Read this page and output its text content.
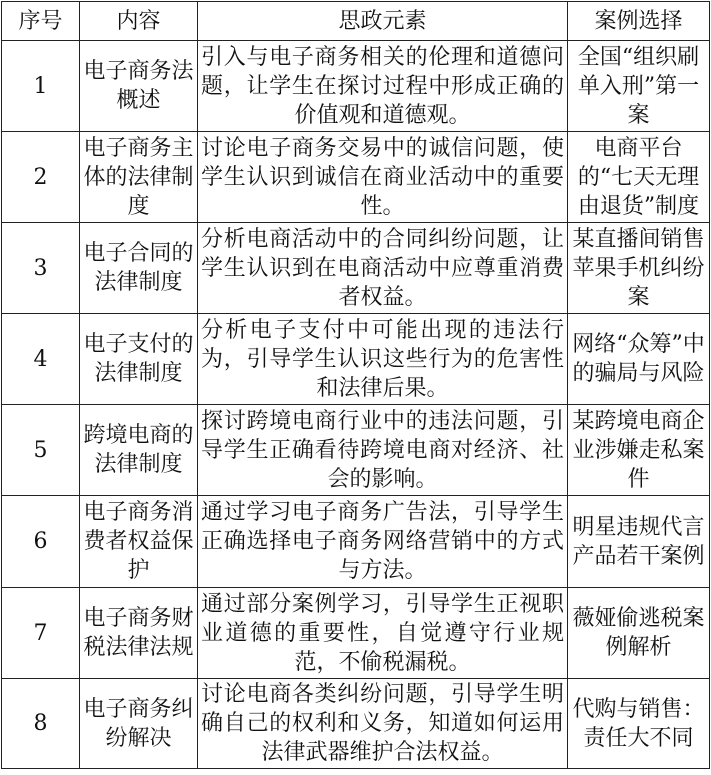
序号	内容	思政元素	案例选择
1	电子商务法概述	引入与电子商务相关的伦理和道德问题，让学生在探讨过程中形成正确的价值观和道德观。	全国“组织刷单入刑”第一案
2	电子商务主体的法律制度	讨论电子商务交易中的诚信问题，使学生认识到诚信在商业活动中的重要性。	电商平台的“七天无理由退货”制度
3	电子合同的法律制度	分析电商活动中的合同纠纷问题，让学生认识到在电商活动中应尊重消费者权益。	某直播间销售苹果手机纠纷案
4	电子支付的法律制度	分析电子支付中可能出现的违法行为，引导学生认识这些行为的危害性和法律后果。	网络“众筹”中的骗局与风险
5	跨境电商的法律制度	探讨跨境电商行业中的违法问题，引导学生正确看待跨境电商对经济、社会的影响。	某跨境电商企业涉嫌走私案件
6	电子商务消费者权益保护	通过学习电子商务广告法，引导学生正确选择电子商务网络营销中的方式与方法。	明星违规代言产品若干案例
7	电子商务财税法律法规	通过部分案例学习，引导学生正视职业道德的重要性，自觉遵守行业规范，不偷税漏税。	薇娅偷逃税案例解析
8	电子商务纠纷解决	讨论电商各类纠纷问题，引导学生明确自己的权利和义务，知道如何运用法律武器维护合法权益。	代购与销售：责任大不同
